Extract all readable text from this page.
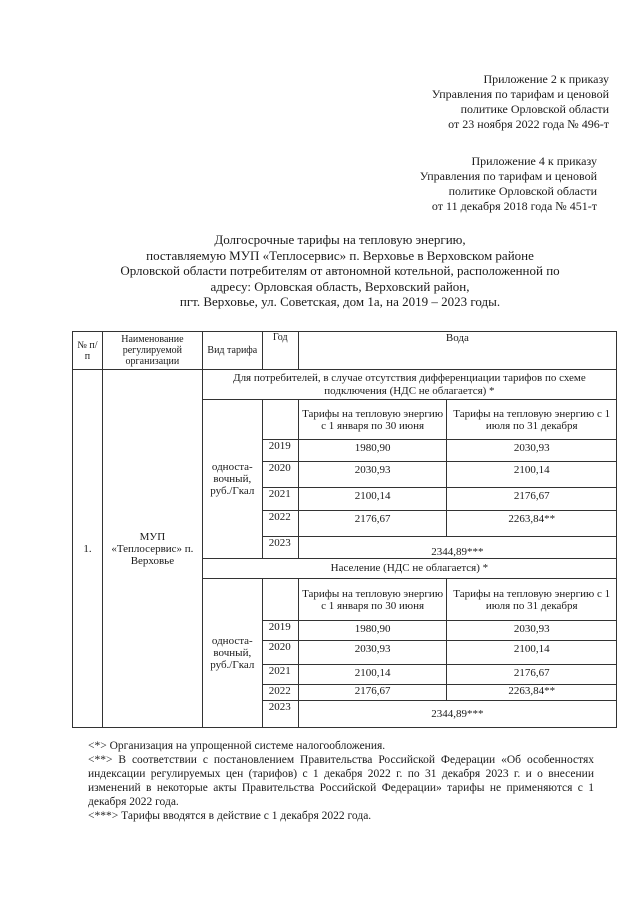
Приложение 2 к приказу
Управления по тарифам и ценовой
политике Орловской области
от 23 ноября 2022 года № 496-т
Приложение 4 к приказу
Управления по тарифам и ценовой
политике Орловской области
от 11 декабря 2018 года № 451-т
Долгосрочные тарифы на тепловую энергию,
поставляемую МУП «Теплосервис» п. Верховье в Верховском районе
Орловской области потребителям от автономной котельной, расположенной по
адресу: Орловская область, Верховский район,
пгт. Верховье, ул. Советская, дом 1а, на 2019 – 2023 годы.
№ п/п	Наименование регулируемой организации	Вид тарифа	Год	Вода	
1.	МУП «Теплосервис» п. Верховье	Для потребителей, в случае отсутствия дифференциации тарифов по схеме подключения (НДС не облагается) *			
		односта-вочный, руб./Гкал		Тарифы на тепловую энергию с 1 января по 30 июня	Тарифы на тепловую энергию с 1 июля по 31 декабря
			2019	1980,90	2030,93
			2020	2030,93	2100,14
			2021	2100,14	2176,67
			2022	2176,67	2263,84**
			2023	2344,89***	
		Население (НДС не облагается) *			
		односта-вочный, руб./Гкал		Тарифы на тепловую энергию с 1 января по 30 июня	Тарифы на тепловую энергию с 1 июля по 31 декабря
			2019	1980,90	2030,93
			2020	2030,93	2100,14
			2021	2100,14	2176,67
			2022	2176,67	2263,84**
			2023	2344,89***	

<*> Организация на упрощенной системе налогообложения.

<**> В соответствии с постановлением Правительства Российской Федерации «Об особенностях индексации регулируемых цен (тарифов) с 1 декабря 2022 г. по 31 декабря 2023 г. и о внесении изменений в некоторые акты Правительства Российской Федерации» тарифы не применяются с 1 декабря 2022 года.

<***> Тарифы вводятся в действие с 1 декабря 2022 года.
